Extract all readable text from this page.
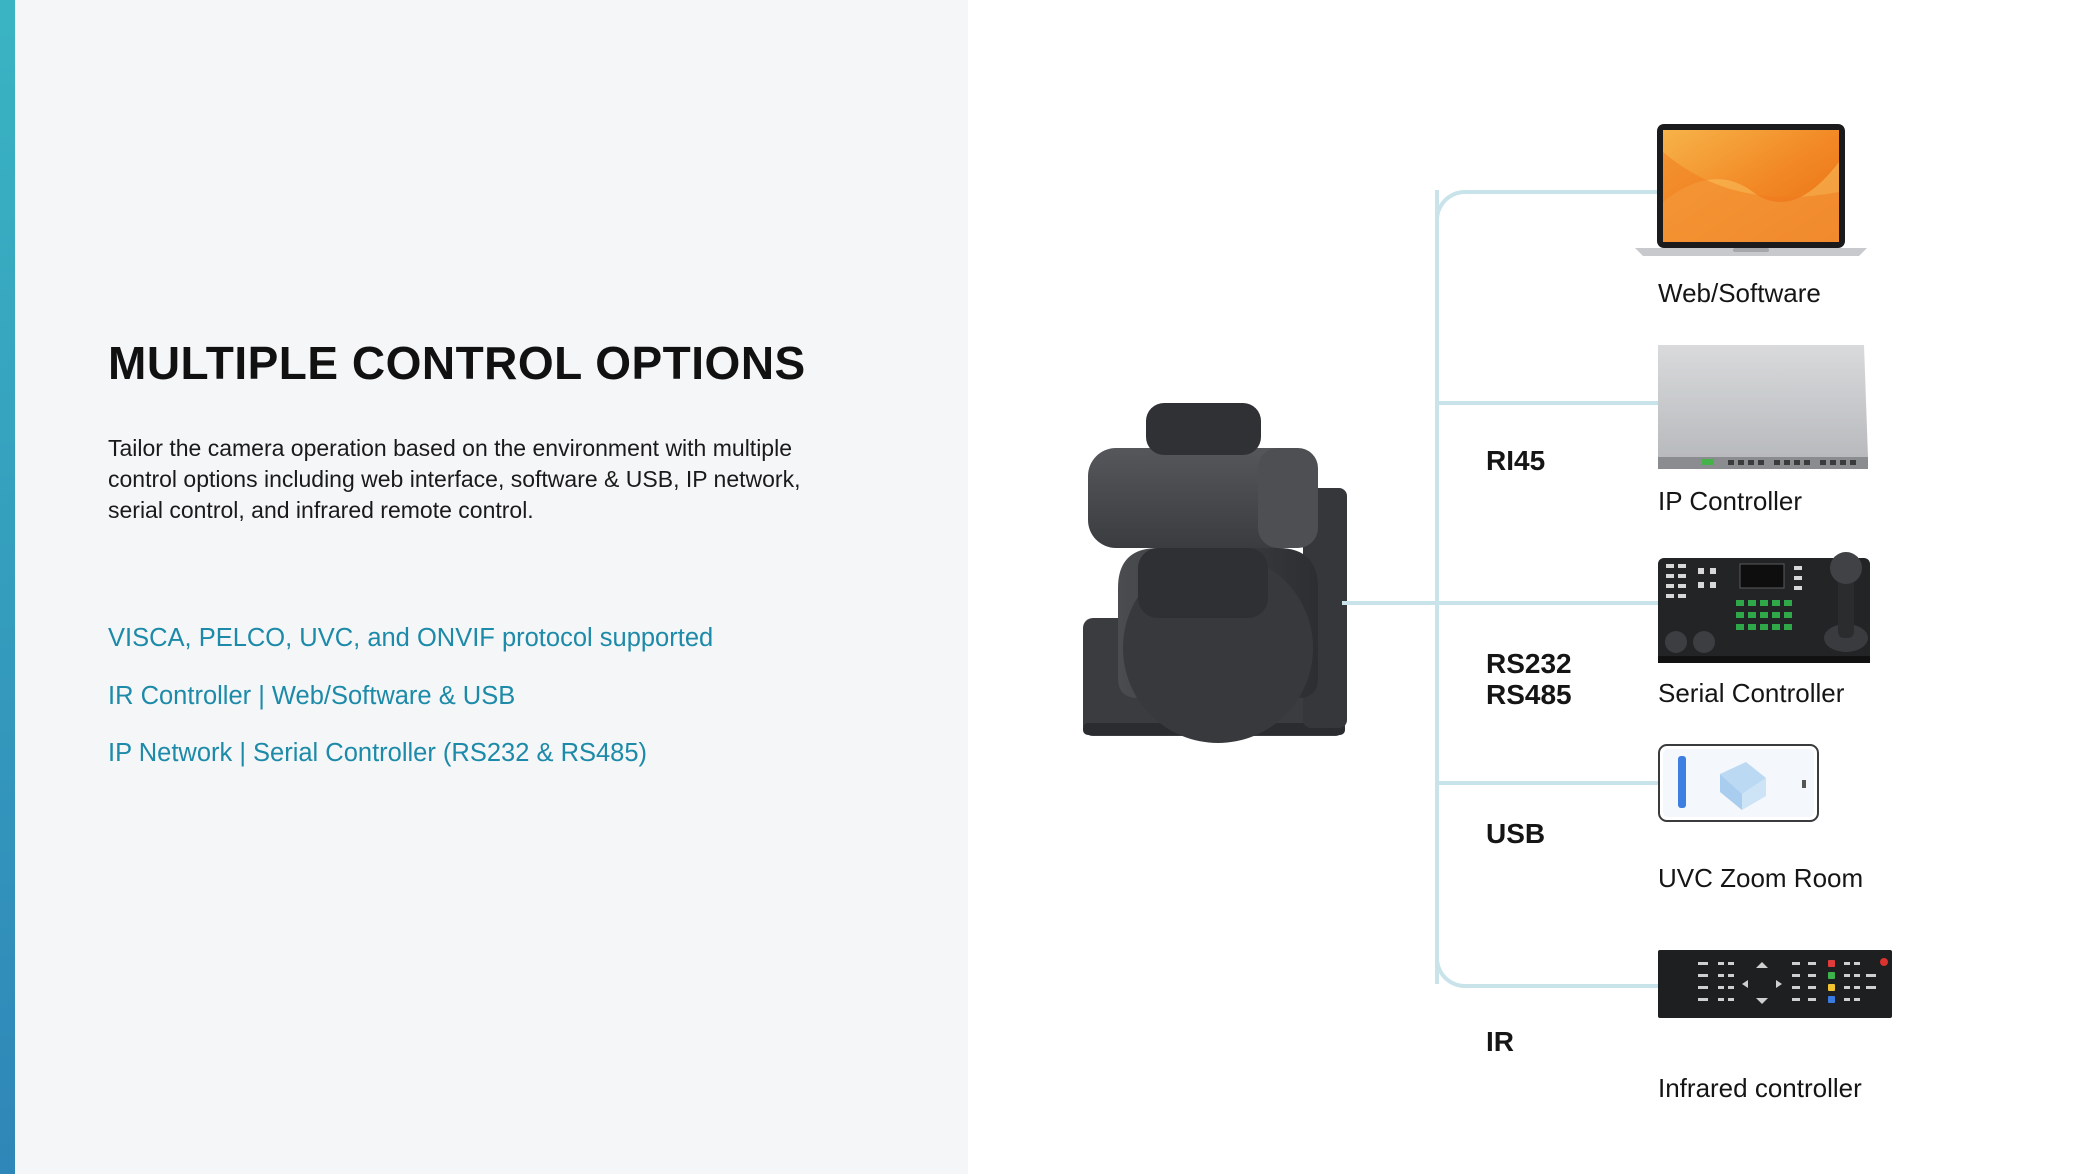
MULTIPLE CONTROL OPTIONS

Tailor the camera operation based on the environment with multiple control options including web interface, software & USB, IP network, serial control, and infrared remote control.

VISCA, PELCO, UVC, and ONVIF protocol supported
IR Controller | Web/Software & USB
IP Network | Serial Controller (RS232 & RS485)
RI45
RS232
RS485
USB
IR
Web/Software
IP Controller
Serial Controller
UVC Zoom Room
Infrared controller
